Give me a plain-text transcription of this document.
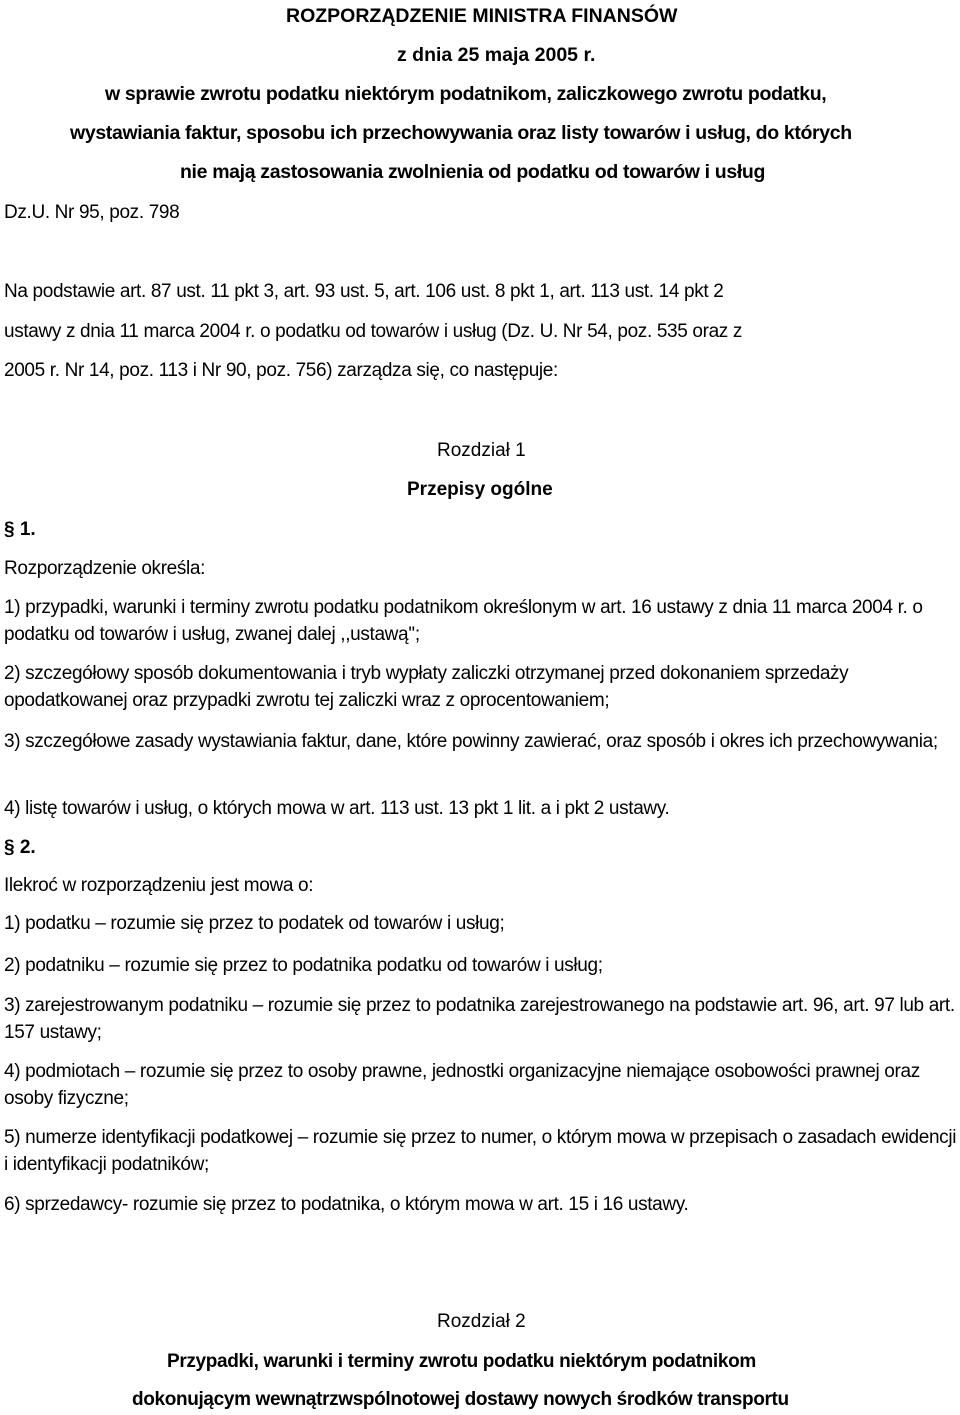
ROZPORZĄDZENIE MINISTRA FINANSÓW
z dnia 25 maja 2005 r.
w sprawie zwrotu podatku niektórym podatnikom, zaliczkowego zwrotu podatku,
wystawiania faktur, sposobu ich przechowywania oraz listy towarów i usług, do których
nie mają zastosowania zwolnienia od podatku od towarów i usług
Dz.U. Nr 95, poz. 798
Na podstawie art. 87 ust. 11 pkt 3, art. 93 ust. 5, art. 106 ust. 8 pkt 1, art. 113 ust. 14 pkt 2
ustawy z dnia 11 marca 2004 r. o podatku od towarów i usług (Dz. U. Nr 54, poz. 535 oraz z
2005 r. Nr 14, poz. 113 i Nr 90, poz. 756) zarządza się, co następuje:
Rozdział 1
Przepisy ogólne
§ 1.
Rozporządzenie określa:
1) przypadki, warunki i terminy zwrotu podatku podatnikom określonym w art. 16 ustawy z dnia 11 marca 2004 r. o podatku od towarów i usług, zwanej dalej ,,ustawą'';
2) szczegółowy sposób dokumentowania i tryb wypłaty zaliczki otrzymanej przed dokonaniem sprzedaży opodatkowanej oraz przypadki zwrotu tej zaliczki wraz z oprocentowaniem;
3) szczegółowe zasady wystawiania faktur, dane, które powinny zawierać, oraz sposób i okres ich przechowywania;
4) listę towarów i usług, o których mowa w art. 113 ust. 13 pkt 1 lit. a i pkt 2 ustawy.
§ 2.
Ilekroć w rozporządzeniu jest mowa o:
1) podatku – rozumie się przez to podatek od towarów i usług;
2) podatniku – rozumie się przez to podatnika podatku od towarów i usług;
3) zarejestrowanym podatniku – rozumie się przez to podatnika zarejestrowanego na podstawie art. 96, art. 97 lub art. 157 ustawy;
4) podmiotach – rozumie się przez to osoby prawne, jednostki organizacyjne niemające osobowości prawnej oraz osoby fizyczne;
5) numerze identyfikacji podatkowej – rozumie się przez to numer, o którym mowa w przepisach o zasadach ewidencji i identyfikacji podatników;
6) sprzedawcy- rozumie się przez to podatnika, o którym mowa w art. 15 i 16 ustawy.
Rozdział 2
Przypadki, warunki i terminy zwrotu podatku niektórym podatnikom
dokonującym wewnątrzwspólnotowej dostawy nowych środków transportu
